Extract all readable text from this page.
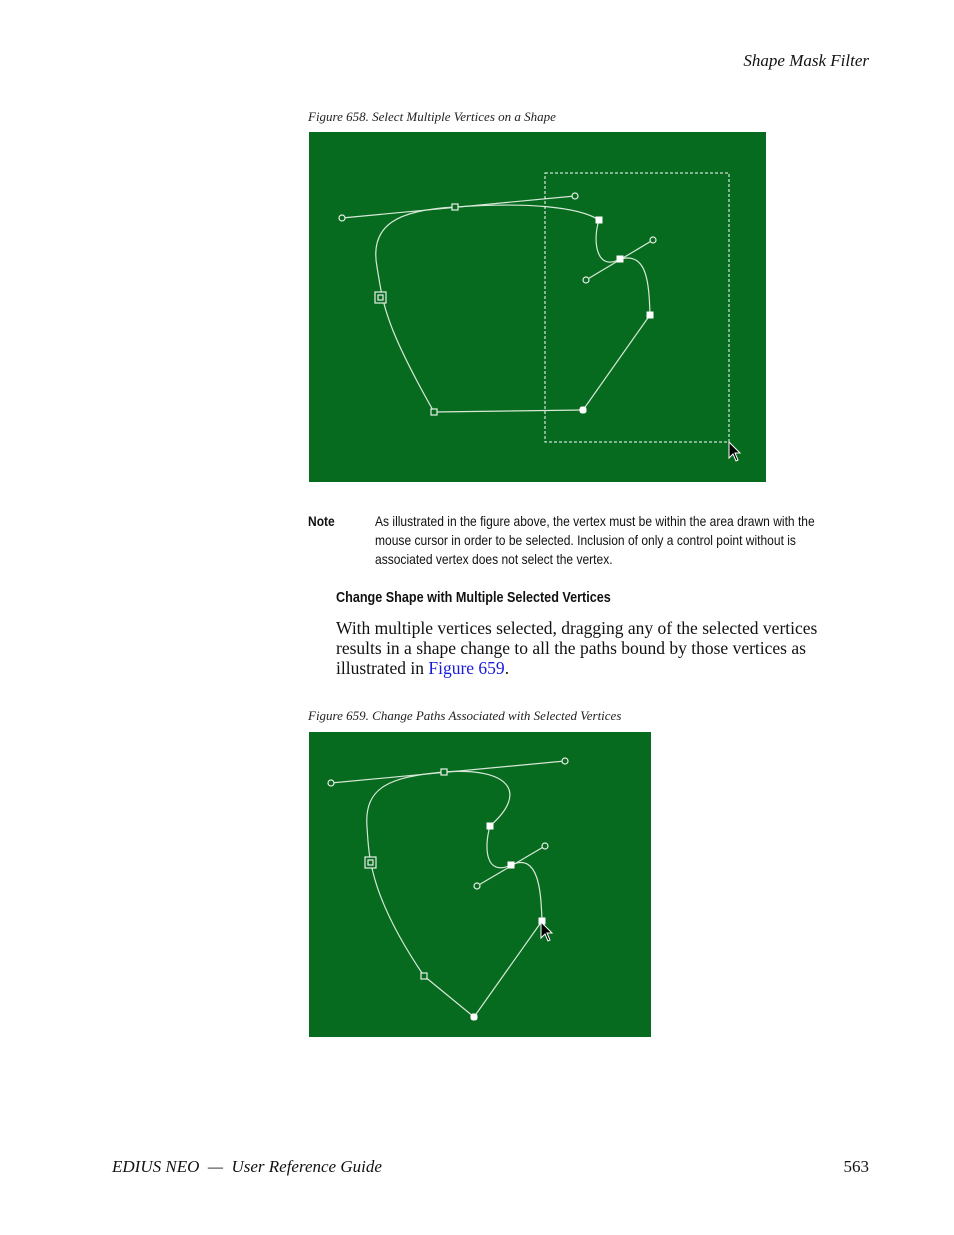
Shape Mask Filter
Figure 658. Select Multiple Vertices on a Shape
Note	As illustrated in the figure above, the vertex must be within the area drawn with the mouse cursor in order to be selected. Inclusion of only a control point without is associated vertex does not select the vertex.
Change Shape with Multiple Selected Vertices
With multiple vertices selected, dragging any of the selected vertices results in a shape change to all the paths bound by those vertices as illustrated in Figure 659.
Figure 659. Change Paths Associated with Selected Vertices
EDIUS NEO  —  User Reference Guide	563
